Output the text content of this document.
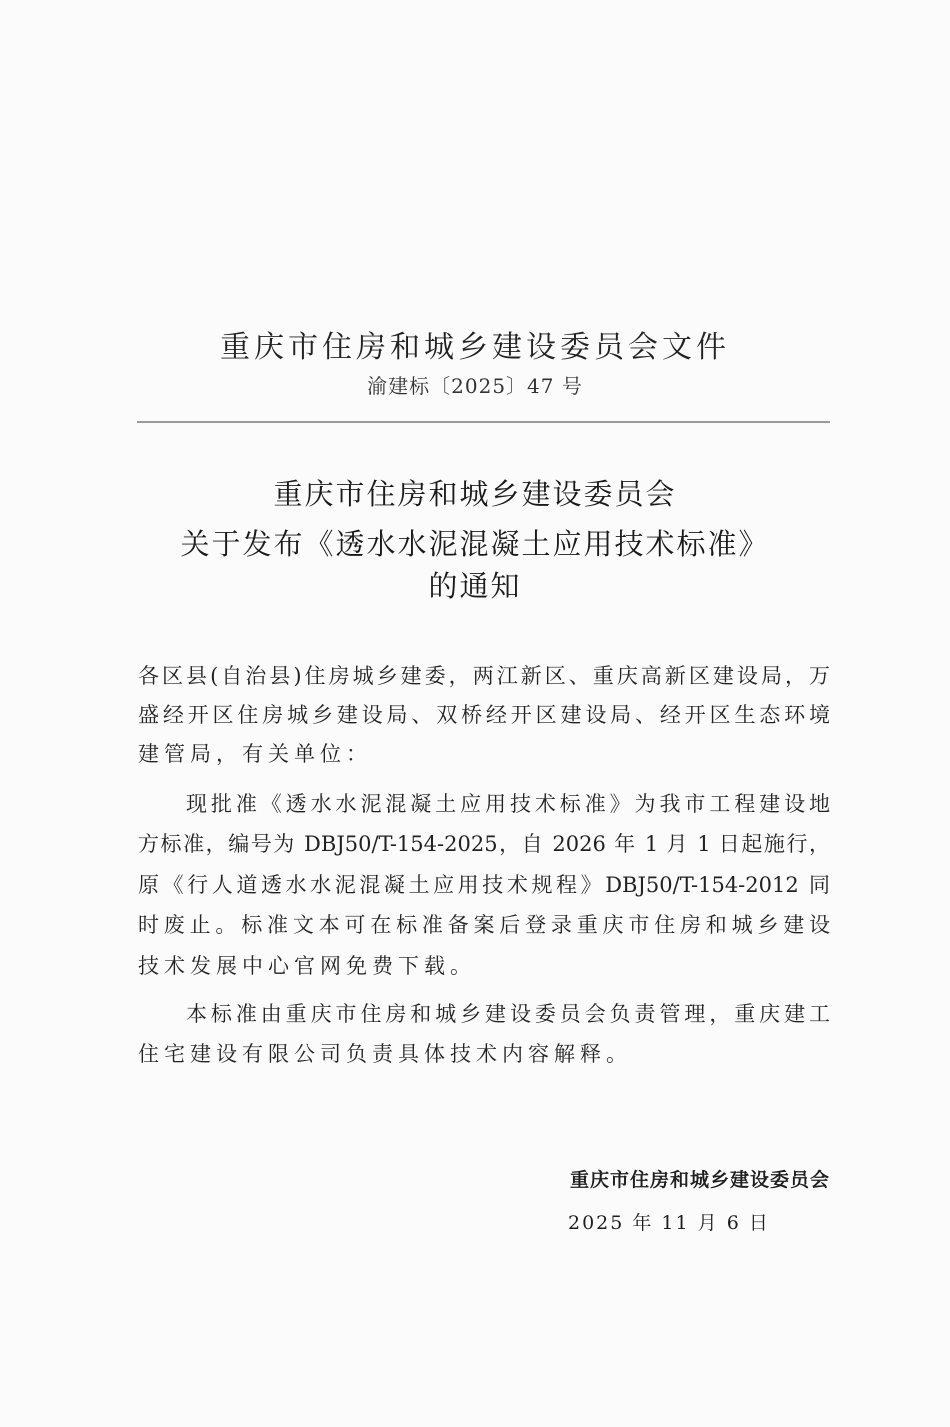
重庆市住房和城乡建设委员会文件
渝建标〔2025〕47 号
重庆市住房和城乡建设委员会
关于发布《透水水泥混凝土应用技术标准》
的通知
各区县(自治县)住房城乡建委，两江新区、重庆高新区建设局，万
盛经开区住房城乡建设局、双桥经开区建设局、经开区生态环境
建管局，有关单位：
现批准《透水水泥混凝土应用技术标准》为我市工程建设地
方标准，编号为 DBJ50/T-154-2025，自 2026 年 1 月 1 日起施行，
原《行人道透水水泥混凝土应用技术规程》DBJ50/T-154-2012 同
时废止。标准文本可在标准备案后登录重庆市住房和城乡建设
技术发展中心官网免费下载。
本标准由重庆市住房和城乡建设委员会负责管理，重庆建工
住宅建设有限公司负责具体技术内容解释。
重庆市住房和城乡建设委员会
2025 年 11 月 6 日
